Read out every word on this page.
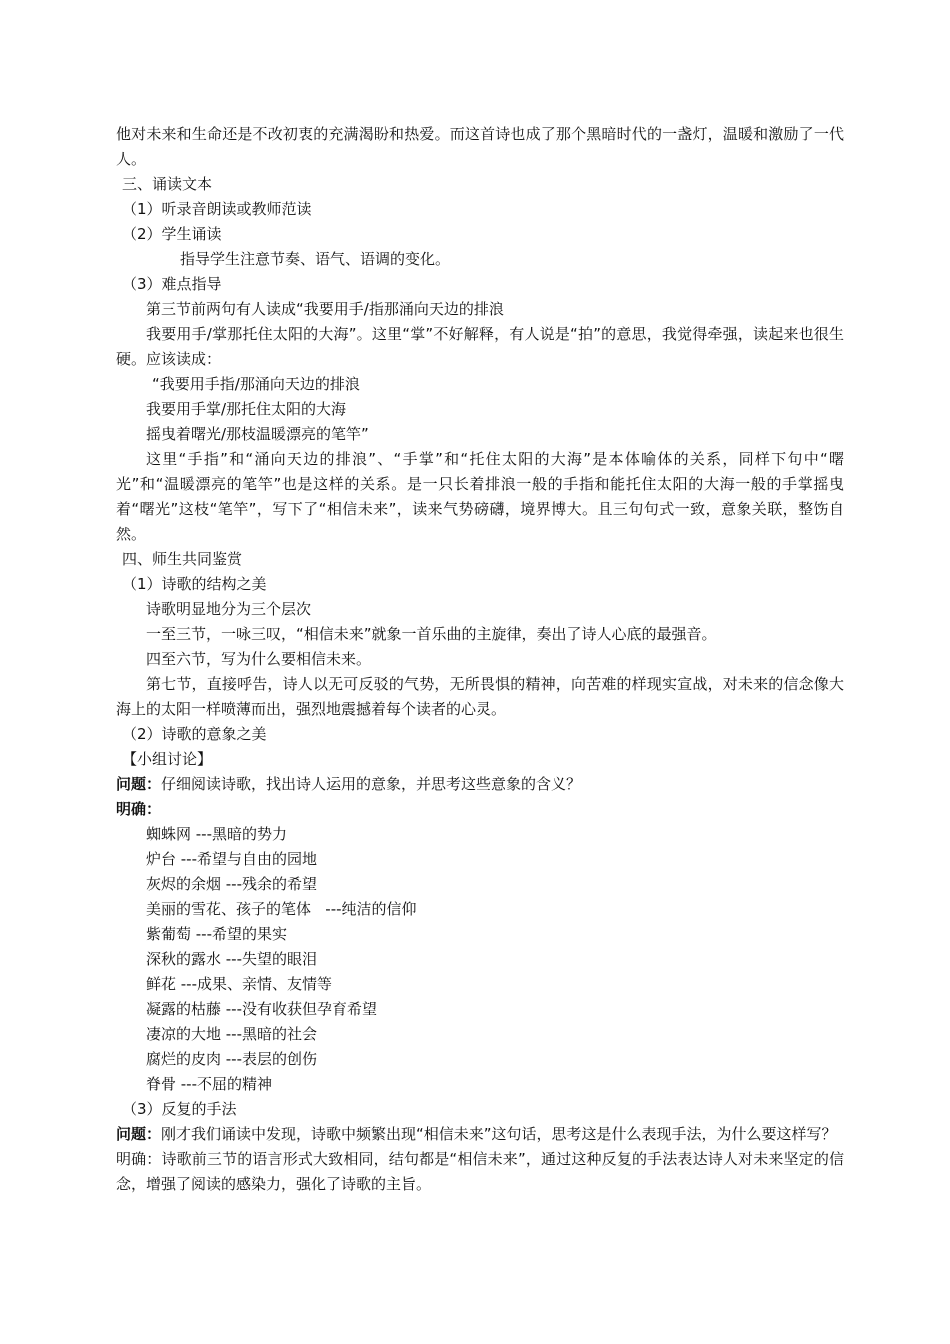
他对未来和生命还是不改初衷的充满渴盼和热爱。而这首诗也成了那个黑暗时代的一盏灯，温暖和激励了一代人。

三、诵读文本

（1）听录音朗读或教师范读

（2）学生诵读

指导学生注意节奏、语气、语调的变化。

（3）难点指导

第三节前两句有人读成“我要用手/指那涌向天边的排浪

我要用手/掌那托住太阳的大海”。这里“掌”不好解释，有人说是“拍”的意思，我觉得牵强，读起来也很生硬。应该读成：

“我要用手指/那涌向天边的排浪

我要用手掌/那托住太阳的大海

摇曳着曙光/那枝温暖漂亮的笔竿”

这里“手指”和“涌向天边的排浪”、“手掌”和“托住太阳的大海”是本体喻体的关系，同样下句中“曙光”和“温暖漂亮的笔竿”也是这样的关系。是一只长着排浪一般的手指和能托住太阳的大海一般的手掌摇曳着“曙光”这枝“笔竿”，写下了“相信未来”，读来气势磅礴，境界博大。且三句句式一致，意象关联，整饬自然。

四、师生共同鉴赏

（1）诗歌的结构之美

诗歌明显地分为三个层次

一至三节，一咏三叹，“相信未来”就象一首乐曲的主旋律，奏出了诗人心底的最强音。

四至六节，写为什么要相信未来。

第七节，直接呼告，诗人以无可反驳的气势，无所畏惧的精神，向苦难的样现实宣战，对未来的信念像大海上的太阳一样喷薄而出，强烈地震撼着每个读者的心灵。

（2）诗歌的意象之美

【小组讨论】

问题：仔细阅读诗歌，找出诗人运用的意象，并思考这些意象的含义？

明确：

蜘蛛网 ---黑暗的势力

炉台 ---希望与自由的园地

灰烬的余烟 ---残余的希望

美丽的雪花、孩子的笔体   ---纯洁的信仰

紫葡萄 ---希望的果实

深秋的露水 ---失望的眼泪

鲜花 ---成果、亲情、友情等

凝露的枯藤 ---没有收获但孕育希望

凄凉的大地 ---黑暗的社会

腐烂的皮肉 ---表层的创伤

脊骨 ---不屈的精神

（3）反复的手法

问题：刚才我们诵读中发现，诗歌中频繁出现“相信未来”这句话，思考这是什么表现手法，为什么要这样写？

明确：诗歌前三节的语言形式大致相同，结句都是“相信未来”，通过这种反复的手法表达诗人对未来坚定的信念，增强了阅读的感染力，强化了诗歌的主旨。
